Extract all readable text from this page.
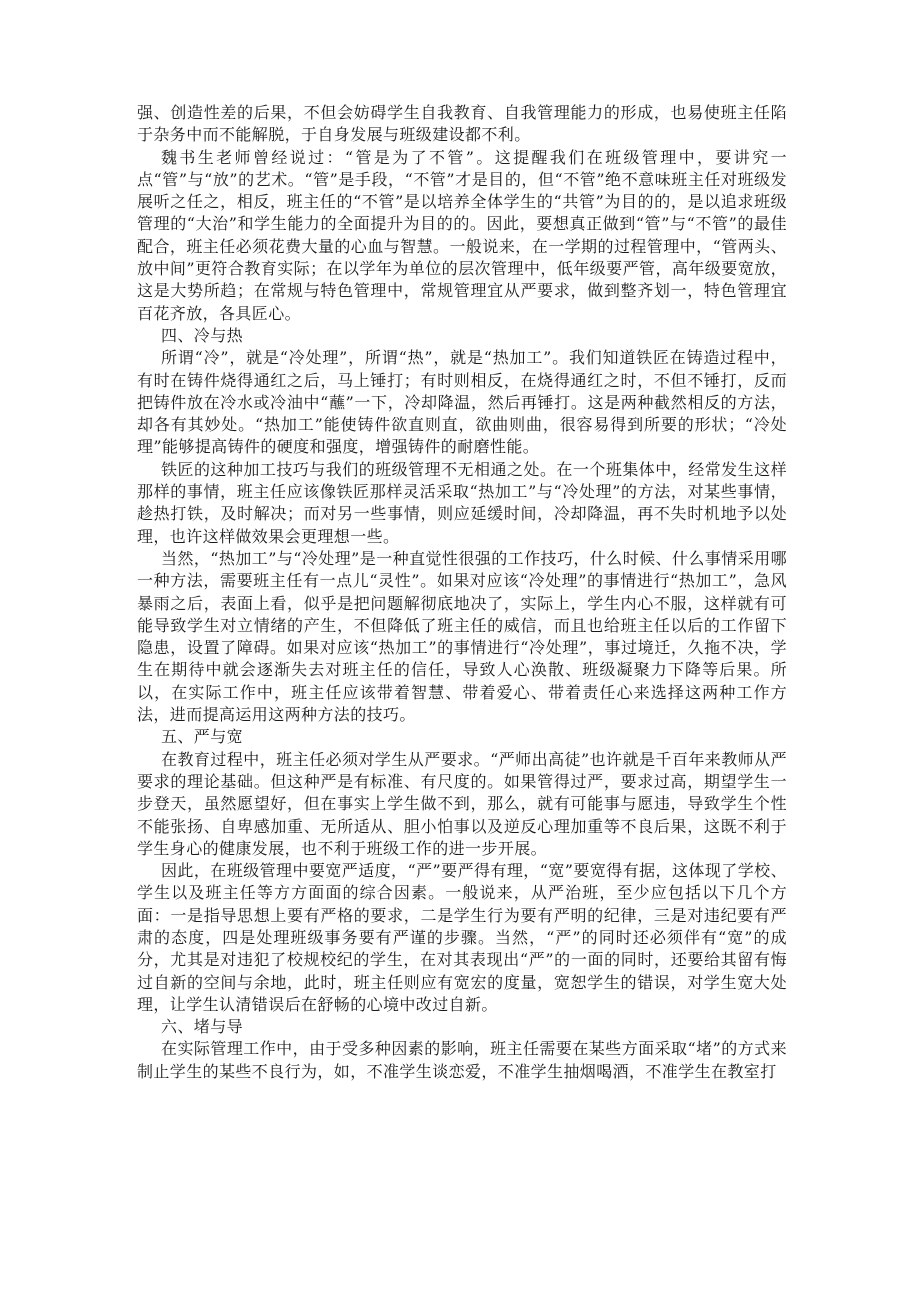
强、创造性差的后果，不但会妨碍学生自我教育、自我管理能力的形成，也易使班主任陷于杂务中而不能解脱，于自身发展与班级建设都不利。

魏书生老师曾经说过：“管是为了不管”。这提醒我们在班级管理中，要讲究一点“管”与“放”的艺术。“管”是手段，“不管”才是目的，但“不管”绝不意味班主任对班级发展听之任之，相反，班主任的“不管”是以培养全体学生的“共管”为目的的，是以追求班级管理的“大治”和学生能力的全面提升为目的的。因此，要想真正做到“管”与“不管”的最佳配合，班主任必须花费大量的心血与智慧。一般说来，在一学期的过程管理中，“管两头、放中间”更符合教育实际；在以学年为单位的层次管理中，低年级要严管，高年级要宽放，这是大势所趋；在常规与特色管理中，常规管理宜从严要求，做到整齐划一，特色管理宜百花齐放，各具匠心。

四、冷与热

所谓“冷”，就是“冷处理”，所谓“热”，就是“热加工”。我们知道铁匠在铸造过程中，有时在铸件烧得通红之后，马上锤打；有时则相反，在烧得通红之时，不但不锤打，反而把铸件放在冷水或冷油中“蘸”一下，冷却降温，然后再锤打。这是两种截然相反的方法，却各有其妙处。“热加工”能使铸件欲直则直，欲曲则曲，很容易得到所要的形状；“冷处理”能够提高铸件的硬度和强度，增强铸件的耐磨性能。

铁匠的这种加工技巧与我们的班级管理不无相通之处。在一个班集体中，经常发生这样那样的事情，班主任应该像铁匠那样灵活采取“热加工”与“冷处理”的方法，对某些事情，趁热打铁，及时解决；而对另一些事情，则应延缓时间，冷却降温，再不失时机地予以处理，也许这样做效果会更理想一些。

当然，“热加工”与“冷处理”是一种直觉性很强的工作技巧，什么时候、什么事情采用哪一种方法，需要班主任有一点儿“灵性”。如果对应该“冷处理”的事情进行“热加工”，急风暴雨之后，表面上看，似乎是把问题解彻底地决了，实际上，学生内心不服，这样就有可能导致学生对立情绪的产生，不但降低了班主任的威信，而且也给班主任以后的工作留下隐患，设置了障碍。如果对应该“热加工”的事情进行“冷处理”，事过境迁，久拖不决，学生在期待中就会逐渐失去对班主任的信任，导致人心涣散、班级凝聚力下降等后果。所以，在实际工作中，班主任应该带着智慧、带着爱心、带着责任心来选择这两种工作方法，进而提高运用这两种方法的技巧。

五、严与宽

在教育过程中，班主任必须对学生从严要求。“严师出高徒”也许就是千百年来教师从严要求的理论基础。但这种严是有标准、有尺度的。如果管得过严，要求过高，期望学生一步登天，虽然愿望好，但在事实上学生做不到，那么，就有可能事与愿违，导致学生个性不能张扬、自卑感加重、无所适从、胆小怕事以及逆反心理加重等不良后果，这既不利于学生身心的健康发展，也不利于班级工作的进一步开展。

因此，在班级管理中要宽严适度，“严”要严得有理，“宽”要宽得有据，这体现了学校、学生以及班主任等方方面面的综合因素。一般说来，从严治班，至少应包括以下几个方面：一是指导思想上要有严格的要求，二是学生行为要有严明的纪律，三是对违纪要有严肃的态度，四是处理班级事务要有严谨的步骤。当然，“严”的同时还必须伴有“宽”的成分，尤其是对违犯了校规校纪的学生，在对其表现出“严”的一面的同时，还要给其留有悔过自新的空间与余地，此时，班主任则应有宽宏的度量，宽恕学生的错误，对学生宽大处理，让学生认清错误后在舒畅的心境中改过自新。

六、堵与导

在实际管理工作中，由于受多种因素的影响，班主任需要在某些方面采取“堵”的方式来制止学生的某些不良行为，如，不准学生谈恋爱，不准学生抽烟喝酒，不准学生在教室打
